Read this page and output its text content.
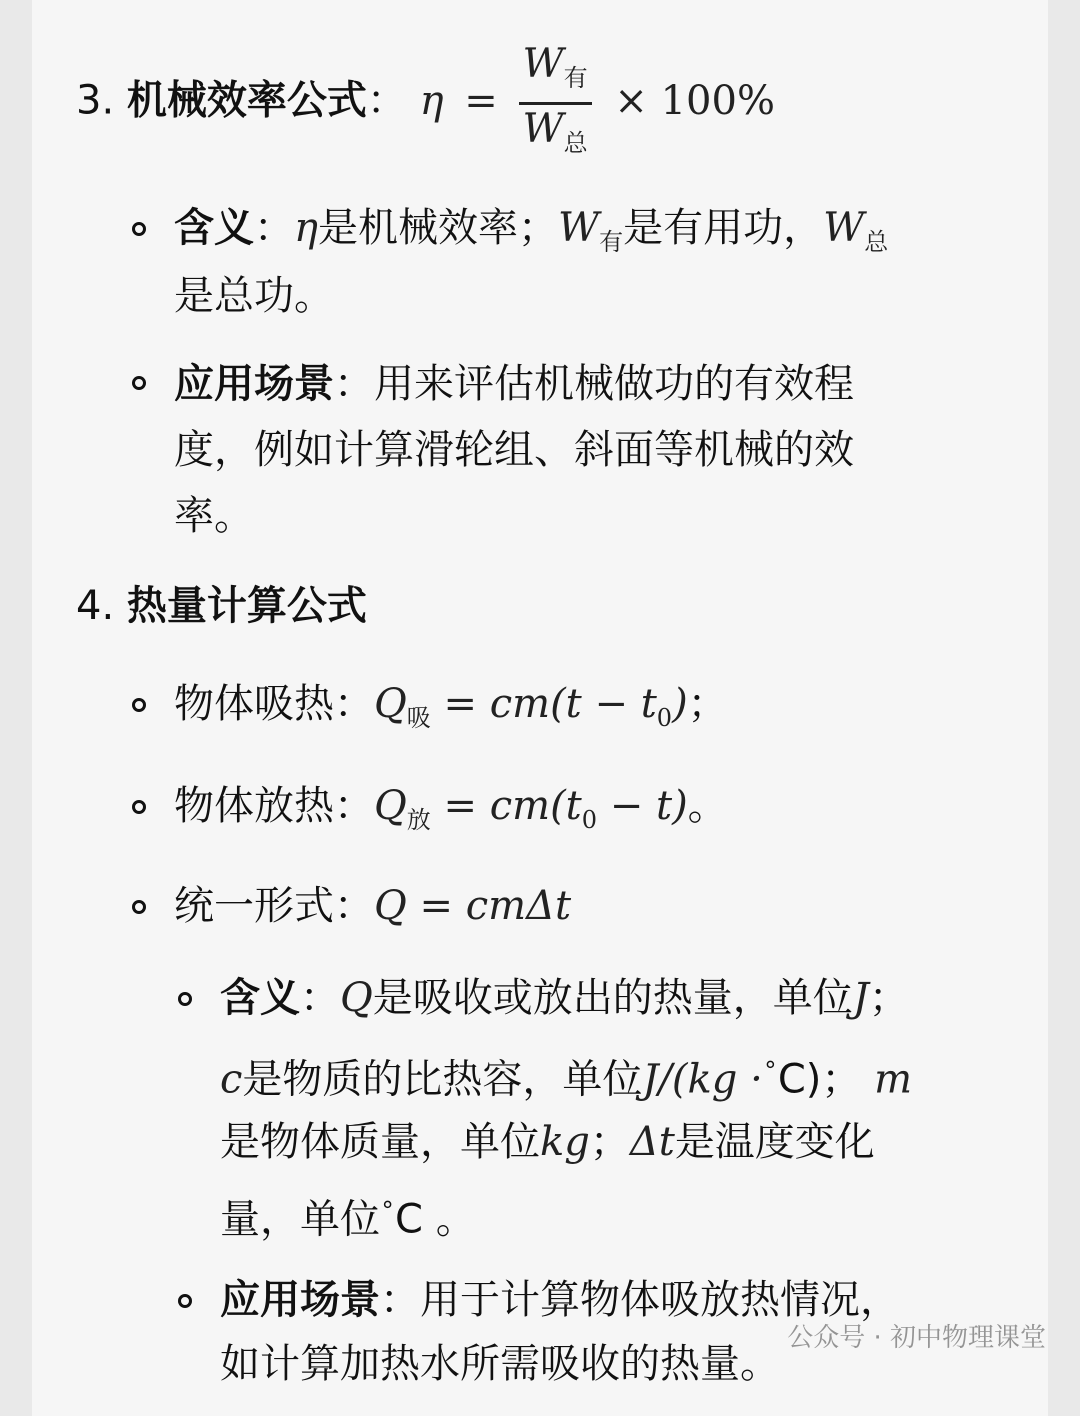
3. 机械效率公式： $\eta = \frac{W_有}{W_总} \times 100\%$
含义：η是机械效率；$W_有$是有用功，$W_总$
是总功。
应用场景：用来评估机械做功的有效程
度，例如计算滑轮组、斜面等机械的效
率。
4. 热量计算公式
物体吸热：$Q_吸 = cm(t - t_0)$；
物体放热：$Q_放 = cm(t_0 - t)$。
统一形式：Q = cmΔt
含义：Q是吸收或放出的热量，单位J；
c是物质的比热容，单位J/(kg ·∘C)； m
是物体质量，单位kg；Δt是温度变化
量，单位∘C 。
应用场景：用于计算物体吸放热情况，
如计算加热水所需吸收的热量。
公众号 · 初中物理课堂
